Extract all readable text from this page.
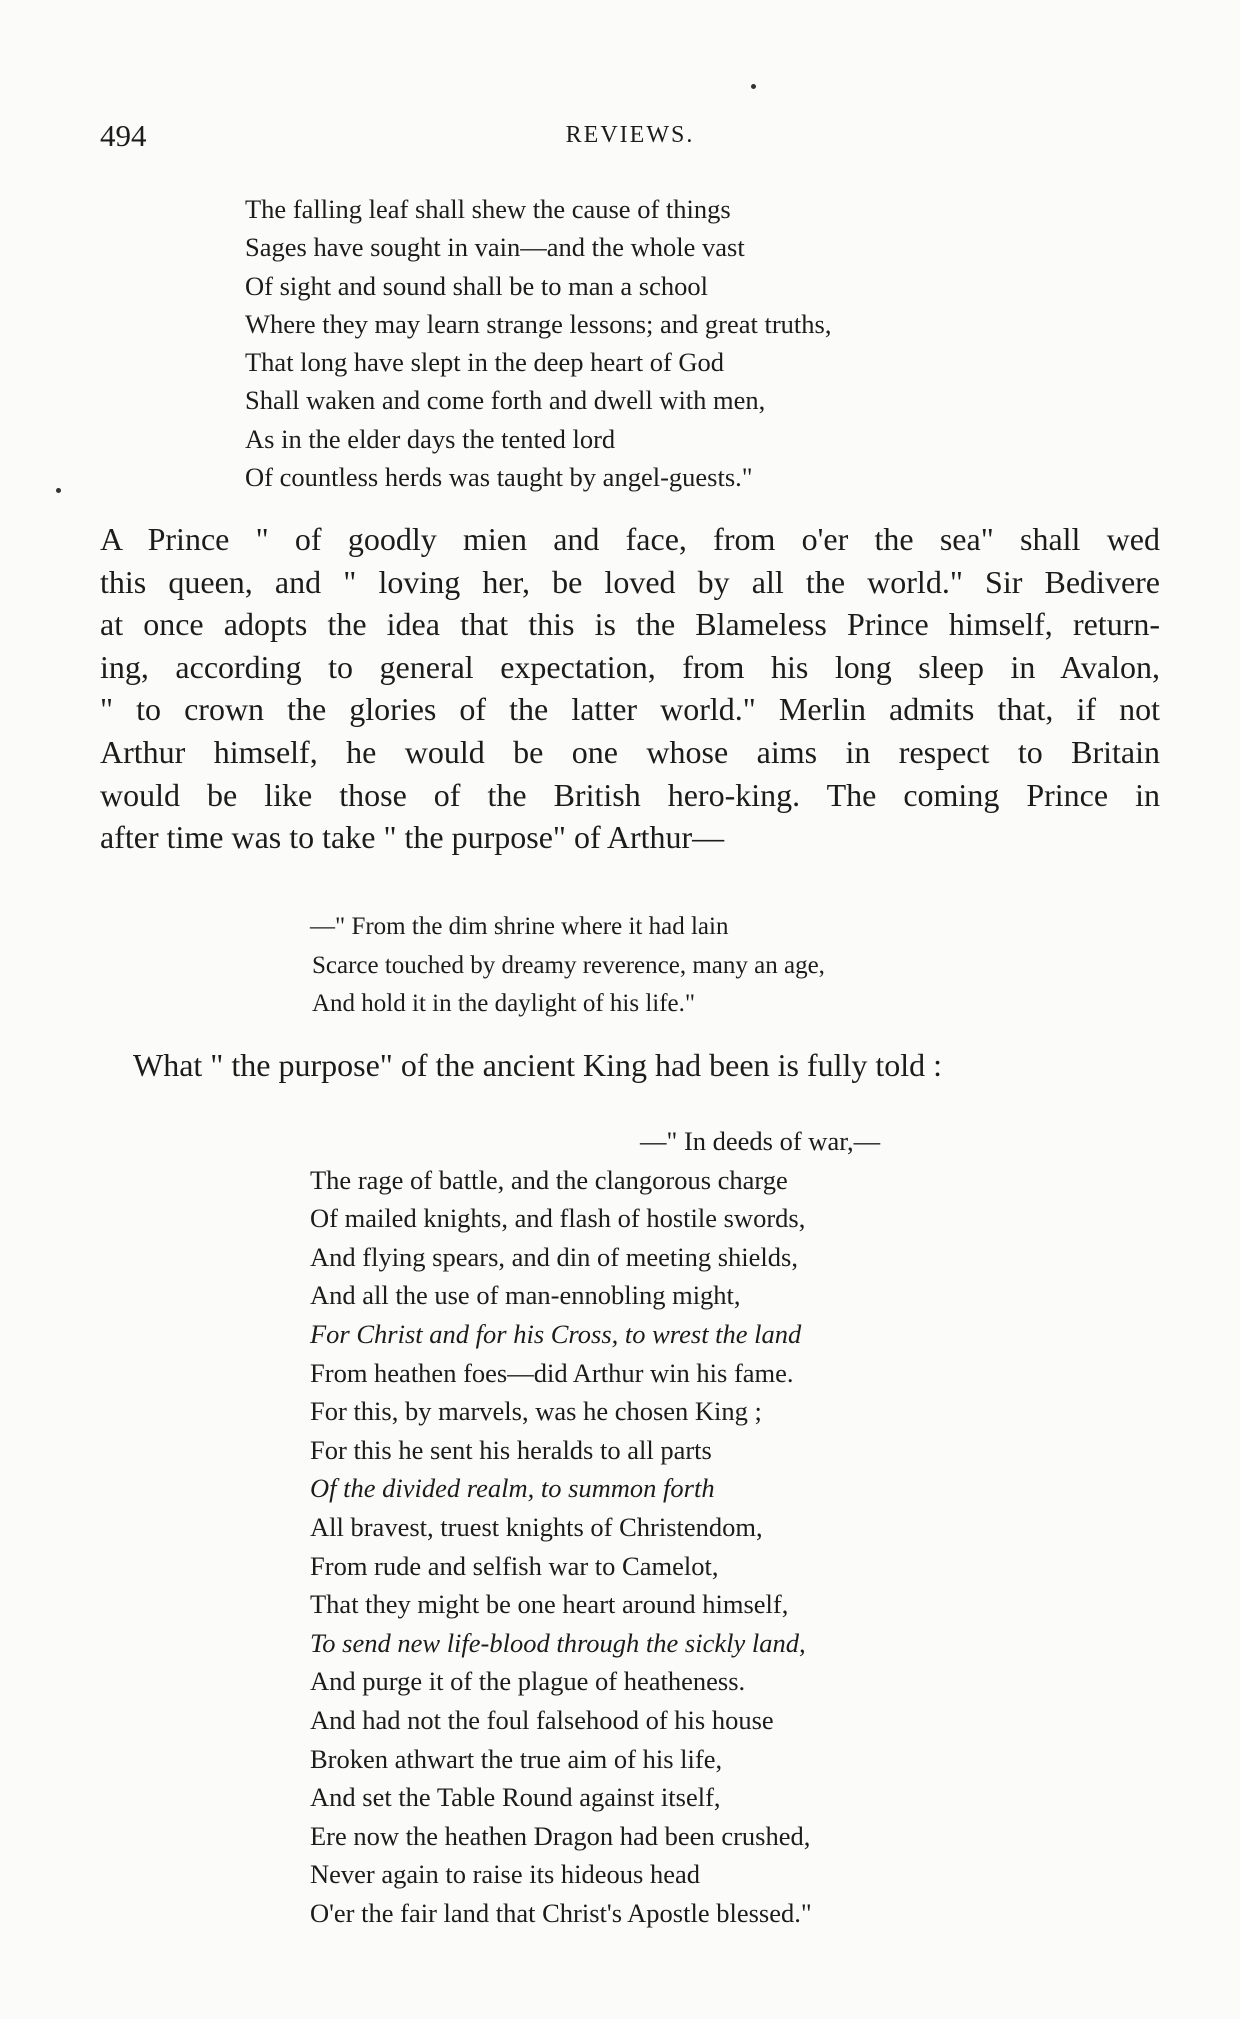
494	REVIEWS.
The falling leaf shall shew the cause of things
Sages have sought in vain—and the whole vast
Of sight and sound shall be to man a school
Where they may learn strange lessons; and great truths,
That long have slept in the deep heart of God
Shall waken and come forth and dwell with men,
As in the elder days the tented lord
Of countless herds was taught by angel-guests."

A Prince " of goodly mien and face, from o'er the sea" shall wed
this queen, and " loving her, be loved by all the world." Sir Bedivere
at once adopts the idea that this is the Blameless Prince himself, return-
ing, according to general expectation, from his long sleep in Avalon,
" to crown the glories of the latter world." Merlin admits that, if not
Arthur himself, he would be one whose aims in respect to Britain
would be like those of the British hero-king. The coming Prince in
after time was to take " the purpose" of Arthur—

—" From the dim shrine where it had lain
Scarce touched by dreamy reverence, many an age,
And hold it in the daylight of his life."

What " the purpose" of the ancient King had been is fully told :

—" In deeds of war,—
The rage of battle, and the clangorous charge
Of mailed knights, and flash of hostile swords,
And flying spears, and din of meeting shields,
And all the use of man-ennobling might,
For Christ and for his Cross, to wrest the land
From heathen foes—did Arthur win his fame.
For this, by marvels, was he chosen King ;
For this he sent his heralds to all parts
Of the divided realm, to summon forth
All bravest, truest knights of Christendom,
From rude and selfish war to Camelot,
That they might be one heart around himself,
To send new life-blood through the sickly land,
And purge it of the plague of heatheness.
And had not the foul falsehood of his house
Broken athwart the true aim of his life,
And set the Table Round against itself,
Ere now the heathen Dragon had been crushed,
Never again to raise its hideous head
O'er the fair land that Christ's Apostle blessed."
